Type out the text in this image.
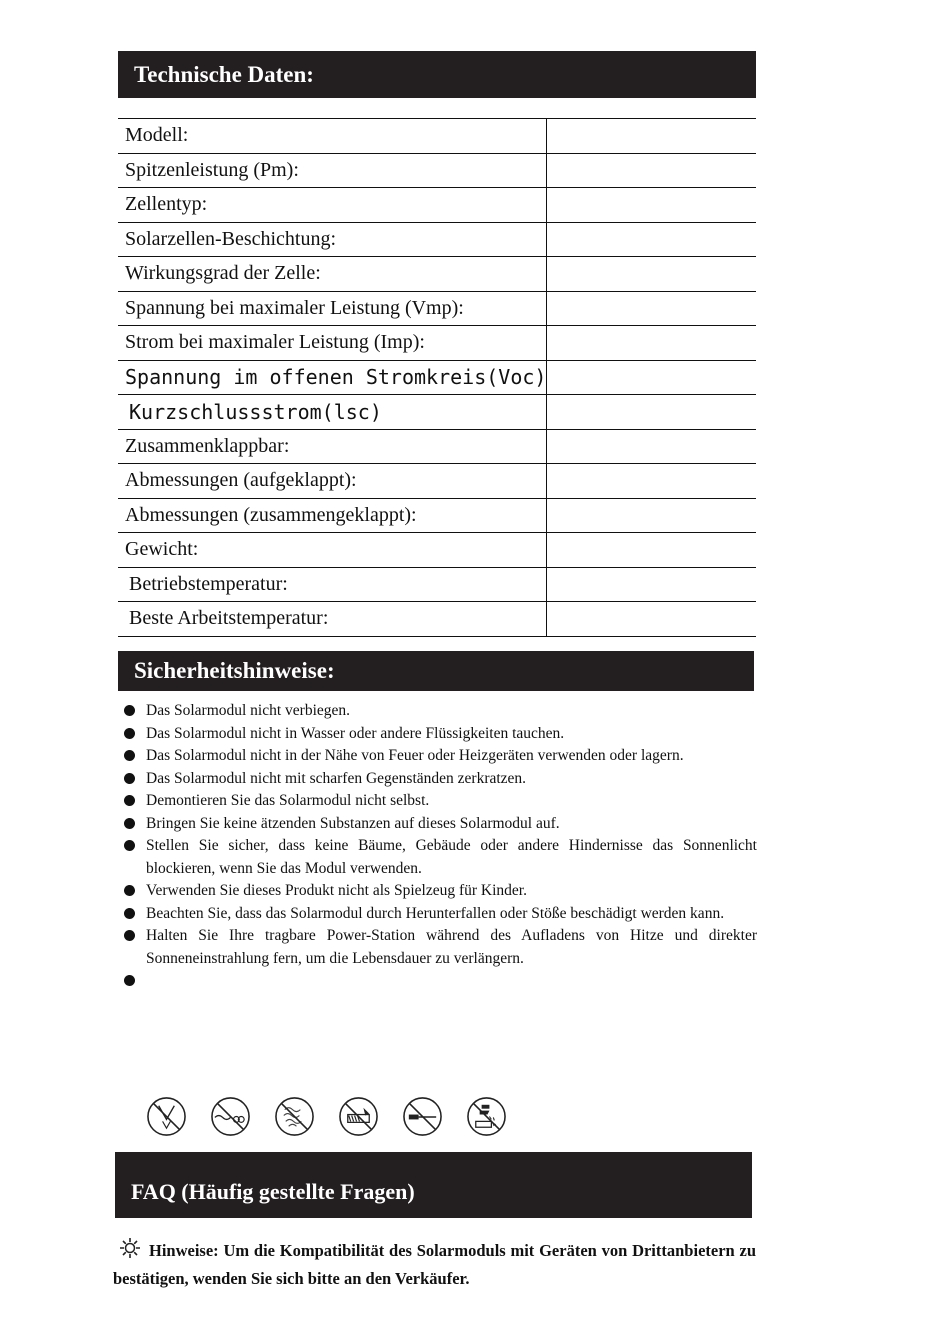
Technische Daten:
Modell:	
Spitzenleistung (Pm):	
Zellentyp:	
Solarzellen-Beschichtung:	
Wirkungsgrad der Zelle:	
Spannung bei maximaler Leistung (Vmp):	
Strom bei maximaler Leistung (Imp):	
Spannung im offenen Stromkreis(Voc)	
Kurzschlussstrom(lsc)	
Zusammenklappbar:	
Abmessungen (aufgeklappt):	
Abmessungen (zusammengeklappt):	
Gewicht:	
Betriebstemperatur:	
Beste Arbeitstemperatur:	
Sicherheitshinweise:
Das Solarmodul nicht verbiegen.
Das Solarmodul nicht in Wasser oder andere Flüssigkeiten tauchen.
Das Solarmodul nicht in der Nähe von Feuer oder Heizgeräten verwenden oder lagern.
Das Solarmodul nicht mit scharfen Gegenständen zerkratzen.
Demontieren Sie das Solarmodul nicht selbst.
Bringen Sie keine ätzenden Substanzen auf dieses Solarmodul auf.
Stellen Sie sicher, dass keine Bäume, Gebäude oder andere Hindernisse das Sonnenlicht blockieren, wenn Sie das Modul verwenden.
Verwenden Sie dieses Produkt nicht als Spielzeug für Kinder.
Beachten Sie, dass das Solarmodul durch Herunterfallen oder Stöße beschädigt werden kann.
Halten Sie Ihre tragbare Power-Station während des Aufladens von Hitze und direkter Sonneneinstrahlung fern, um die Lebensdauer zu verlängern.
FAQ (Häufig gestellte Fragen)

Hinweise: Um die Kompatibilität des Solarmoduls mit Geräten von Drittanbietern zu bestätigen, wenden Sie sich bitte an den Verkäufer.
